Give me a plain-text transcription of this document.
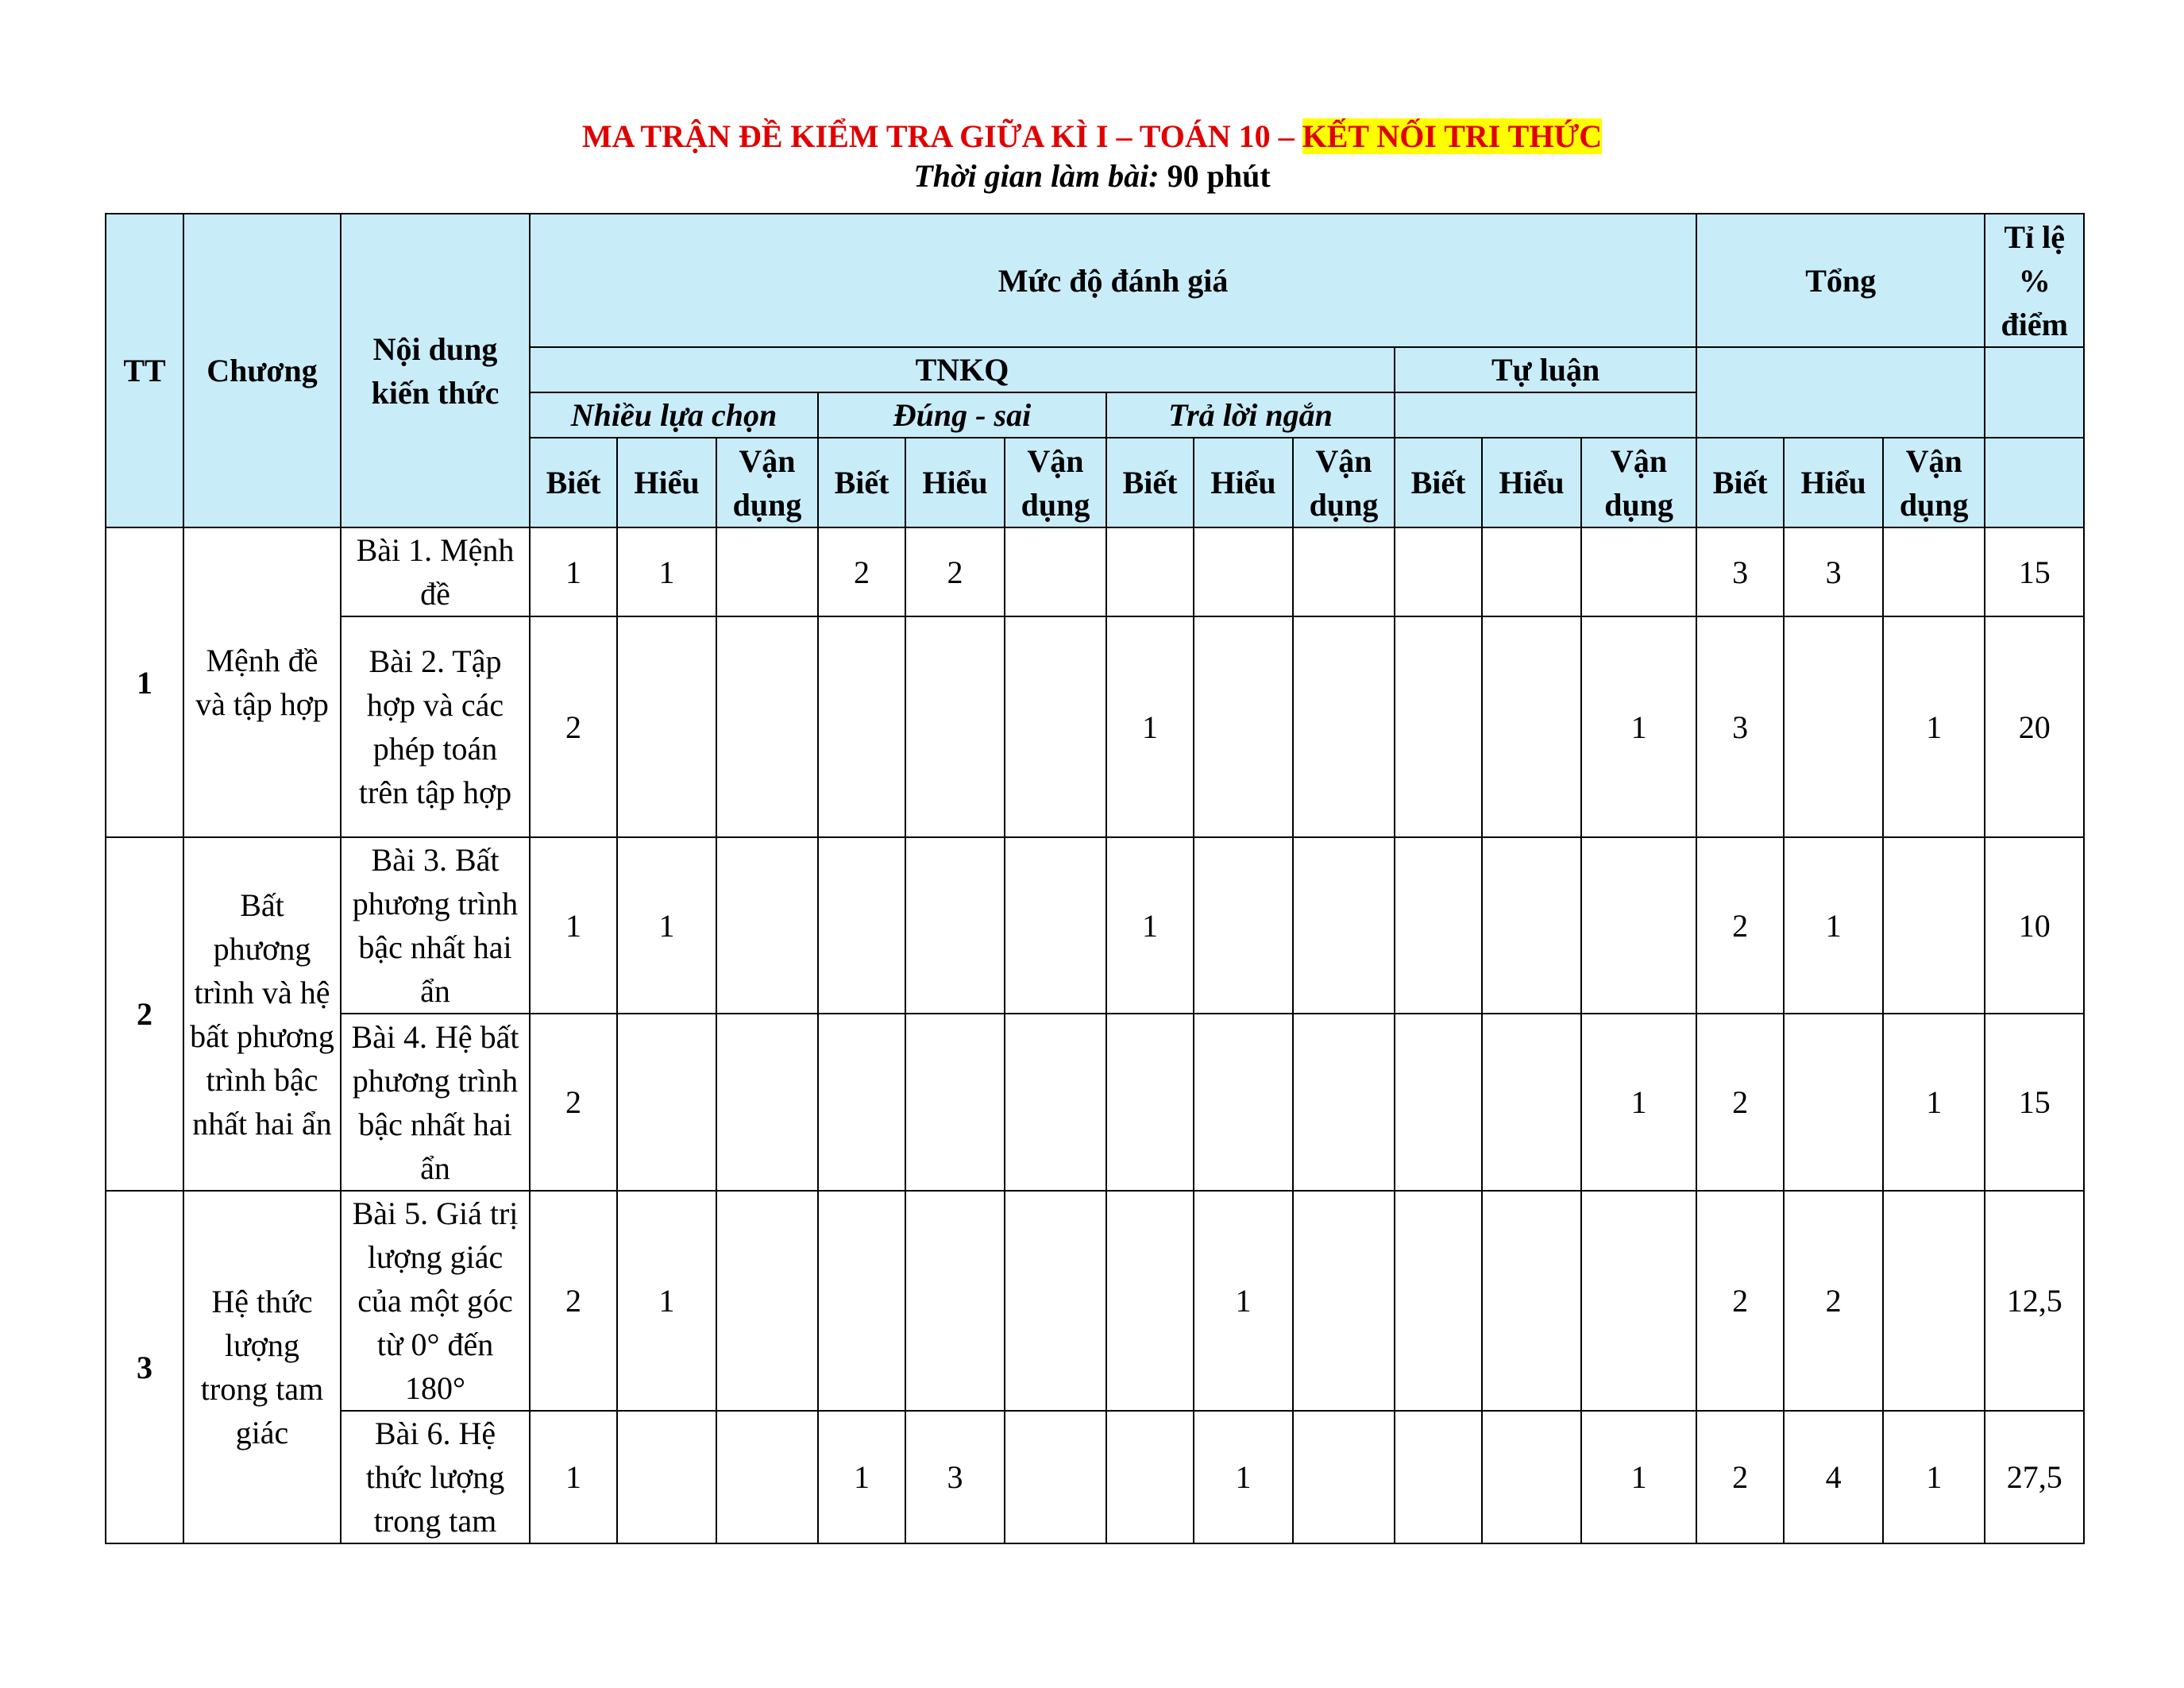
MA TRẬN ĐỀ KIỂM TRA GIỮA KÌ I – TOÁN 10 – KẾT NỐI TRI THỨC
Thời gian làm bài: 90 phút
TT	Chương	Nội dung kiến thức	Mức độ đánh giá												Tổng			Tỉ lệ % điểm
			TNKQ									Tự luận						
			Nhiều lựa chọn			Đúng - sai			Trả lời ngắn									
			Biết	Hiểu	Vận dụng	Biết	Hiểu	Vận dụng	Biết	Hiểu	Vận dụng	Biết	Hiểu	Vận dụng	Biết	Hiểu	Vận dụng	
1	Mệnh đề và tập hợp	Bài 1. Mệnh đề	1	1		2	2								3	3		15
		Bài 2. Tập hợp và các phép toán trên tập hợp	2						1					1	3		1	20
2	Bất phương trình và hệ bất phương trình bậc nhất hai ẩn	Bài 3. Bất phương trình bậc nhất hai ẩn	1	1					1						2	1		10
		Bài 4. Hệ bất phương trình bậc nhất hai ẩn	2											1	2		1	15
3	Hệ thức lượng trong tam giác	Bài 5. Giá trị lượng giác của một góc từ 0° đến 180°	2	1						1					2	2		12,5
		Bài 6. Hệ thức lượng trong tam	1			1	3			1				1	2	4	1	27,5
